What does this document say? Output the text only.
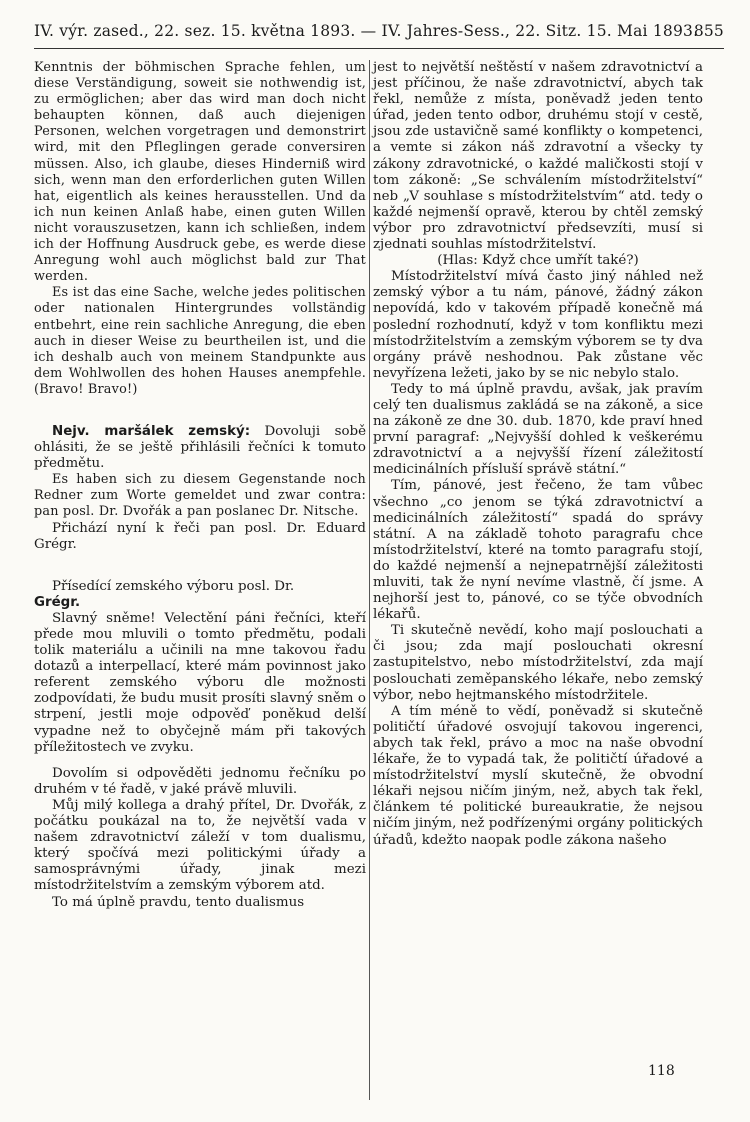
IV. výr. zased., 22. sez. 15. května 1893. — IV. Jahres-Sess., 22. Sitz. 15. Mai 1893.
855

Kenntnis der böhmischen Sprache fehlen, um diese Verständigung, soweit sie nothwendig ist, zu ermöglichen; aber das wird man doch nicht behaupten können, daß auch diejenigen Personen, welchen vorgetragen und demonstrirt wird, mit den Pfleglingen gerade conversiren müssen. Also, ich glaube, dieses Hinderniß wird sich, wenn man den erforderlichen guten Willen hat, eigentlich als keines herausstellen. Und da ich nun keinen Anlaß habe, einen guten Willen nicht vorauszusetzen, kann ich schließen, indem ich der Hoffnung Ausdruck gebe, es werde diese Anregung wohl auch möglichst bald zur That werden.

Es ist das eine Sache, welche jedes politischen oder nationalen Hintergrundes vollständig entbehrt, eine rein sachliche Anregung, die eben auch in dieser Weise zu beurtheilen ist, und die ich deshalb auch von meinem Standpunkte aus dem Wohlwollen des hohen Hauses anempfehle. (Bravo! Bravo!)

Nejv. maršálek zemský: Dovoluji sobě ohlásiti, že se ještě přihlásili řečníci k tomuto předmětu.

Es haben sich zu diesem Gegenstande noch Redner zum Worte gemeldet und zwar contra: pan posl. Dr. Dvořák a pan poslanec Dr. Nitsche.

Přichází nyní k řeči pan posl. Dr. Eduard Grégr.

Přísedící zemského výboru posl. Dr.
Grégr.

Slavný sněme! Velectění páni řečníci, kteří přede mou mluvili o tomto předmětu, podali tolik materiálu a učinili na mne takovou řadu dotazů a interpellací, které mám povinnost jako referent zemského výboru dle možnosti zodpovídati, že budu musit prosíti slavný sněm o strpení, jestli moje odpověď poněkud delší vypadne než to obyčejně mám při takových příležitostech ve zvyku.

Dovolím si odpověděti jednomu řečníku po druhém v té řadě, v jaké právě mluvili.

Můj milý kollega a drahý přítel, Dr. Dvořák, z počátku poukázal na to, že největší vada v našem zdravotnictví záleží v tom dualismu, který spočívá mezi politickými úřady a samosprávnými úřady, jinak mezi místodržitelstvím a zemským výborem atd.

To má úplně pravdu, tento dualismus

jest to největší neštěstí v našem zdravotnictví a jest příčinou, že naše zdravotnictví, abych tak řekl, nemůže z místa, poněvadž jeden tento úřad, jeden tento odbor, druhému stojí v cestě, jsou zde ustavičně samé konflikty o kompetenci, a vemte si zákon náš zdravotní a všecky ty zákony zdravotnické, o každé maličkosti stojí v tom zákoně: „Se schválením místodržitelství“ neb „V souhlase s místodržitelstvím“ atd. tedy o každé nejmenší opravě, kterou by chtěl zemský výbor pro zdravotnictví předsevzíti, musí si zjednati souhlas místodržitelství.

(Hlas: Když chce umřít také?)

Místodržitelství mívá často jiný náhled než zemský výbor a tu nám, pánové, žádný zákon nepovídá, kdo v takovém případě konečně má poslední rozhodnutí, když v tom konfliktu mezi místodržitelstvím a zemským výborem se ty dva orgány právě neshodnou. Pak zůstane věc nevyřízena ležeti, jako by se nic nebylo stalo.

Tedy to má úplně pravdu, avšak, jak pravím celý ten dualismus zakládá se na zákoně, a sice na zákoně ze dne 30. dub. 1870, kde praví hned první paragraf: „Nejvyšší dohled k veškerému zdravotnictví a a nejvyšší řízení záležitostí medicinálních přísluší správě státní.“

Tím, pánové, jest řečeno, že tam vůbec všechno „co jenom se týká zdravotnictví a medicinálních záležitostí“ spadá do správy státní. A na základě tohoto paragrafu chce místodržitelství, které na tomto paragrafu stojí, do každé nejmenší a nejnepatrnější záležitosti mluviti, tak že nyní nevíme vlastně, čí jsme. A nejhorší jest to, pánové, co se týče obvodních lékařů.

Ti skutečně nevědí, koho mají poslouchati a či jsou; zda mají poslouchati okresní zastupitelstvo, nebo místodržitelství, zda mají poslouchati zeměpanského lékaře, nebo zemský výbor, nebo hejtmanského místodržitele.

A tím méně to vědí, poněvadž si skutečně političtí úřadové osvojují takovou ingerenci, abych tak řekl, právo a moc na naše obvodní lékaře, že to vypadá tak, že političtí úřadové a místodržitelství myslí skutečně, že obvodní lékaři nejsou ničím jiným, než, abych tak řekl, článkem té politické bureaukratie, že nejsou ničím jiným, než podřízenými orgány politických úřadů, kdežto naopak podle zákona našeho

118
